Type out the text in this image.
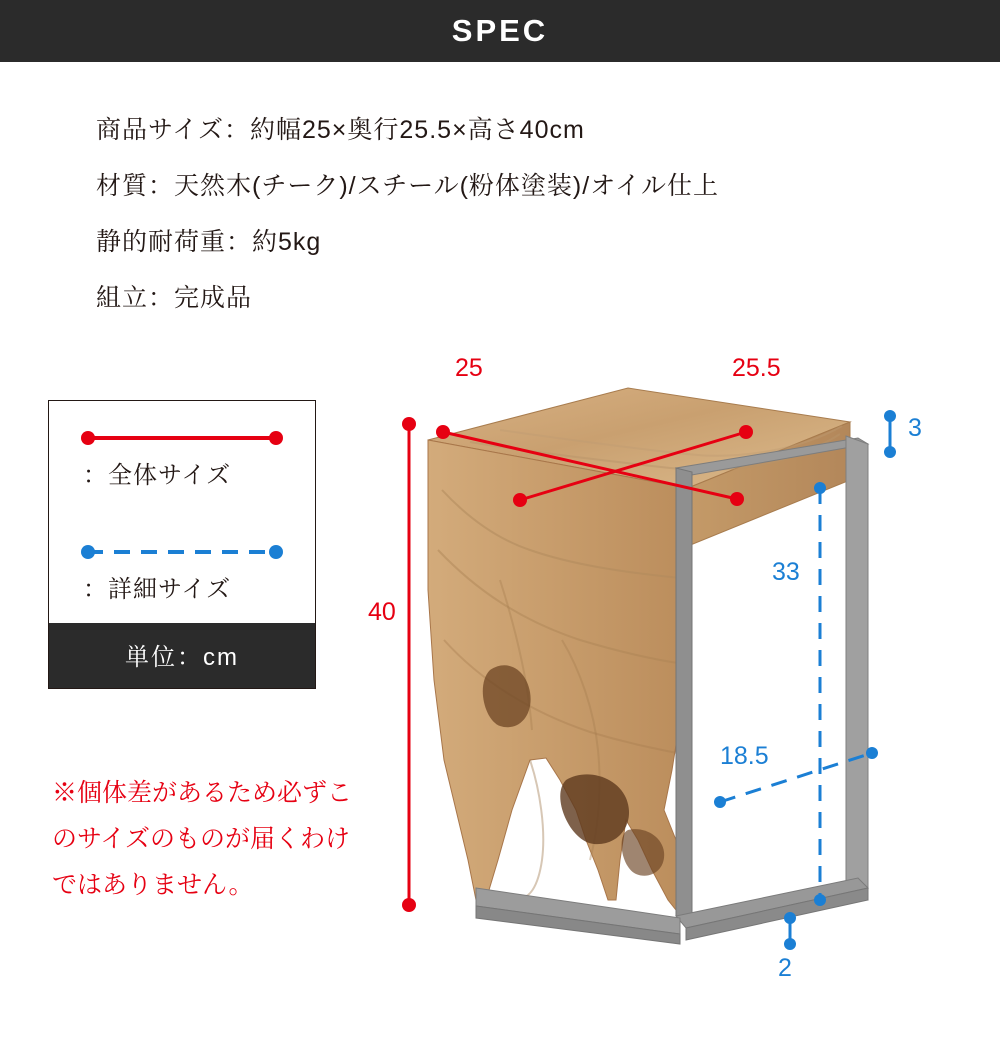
SPEC
商品サイズ：約幅25×奥行25.5×高さ40cm
材質：天然木(チーク)/スチール(粉体塗装)/オイル仕上
静的耐荷重：約5kg
組立：完成品
：全体サイズ
：詳細サイズ
単位：cm
※個体差があるため必ずこのサイズのものが届くわけではありません。
25	25.5
40
3
33
18.5
2
